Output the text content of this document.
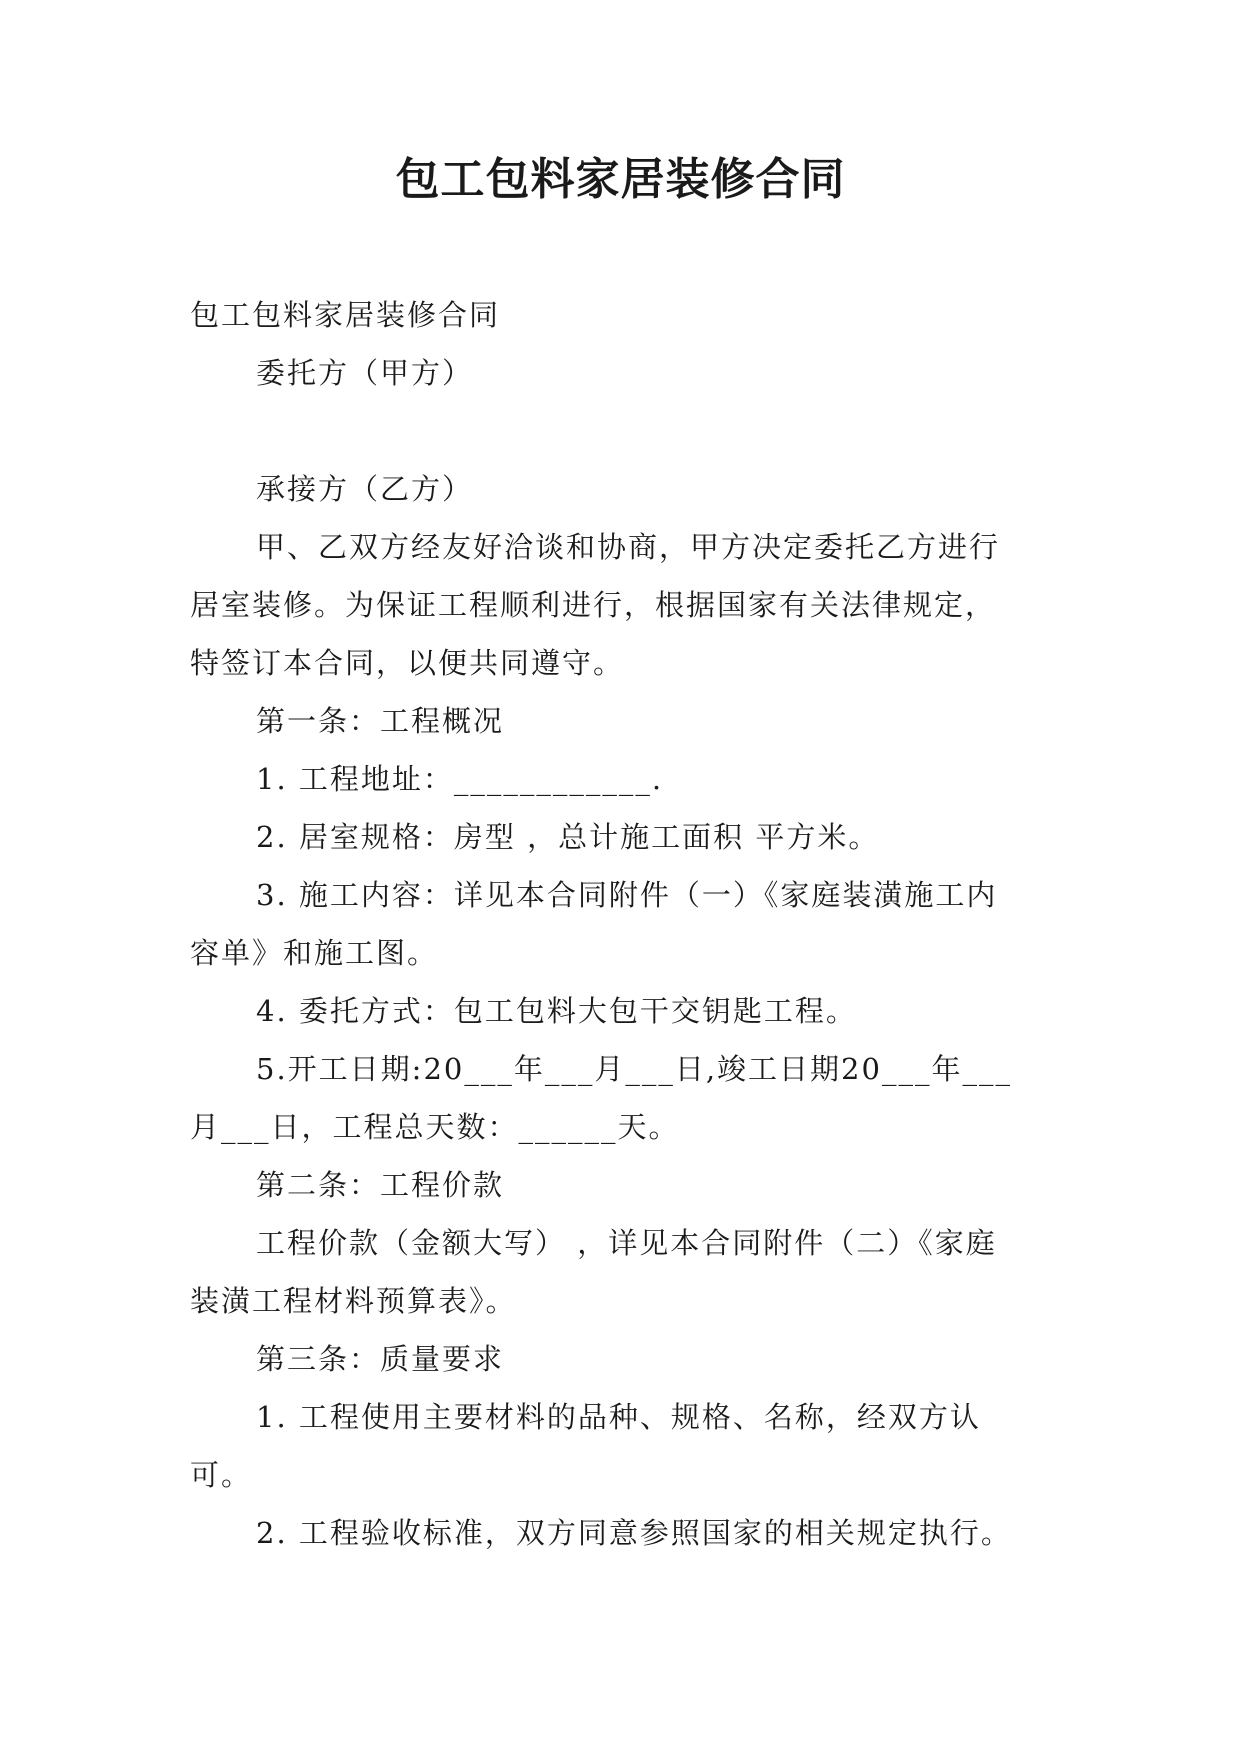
包工包料家居装修合同

包工包料家居装修合同

委托方（甲方）

承接方（乙方）

甲、乙双方经友好洽谈和协商，甲方决定委托乙方进行

居室装修。为保证工程顺利进行，根据国家有关法律规定，

特签订本合同，以便共同遵守。

第一条：工程概况

1. 工程地址：____________.

2. 居室规格：房型 ，总计施工面积 平方米。

3. 施工内容：详见本合同附件（一）《家庭装潢施工内

容单》和施工图。

4. 委托方式：包工包料大包干交钥匙工程。

5.开工日期:20___年___月___日,竣工日期20___年___

月___日，工程总天数：______天。

第二条：工程价款

工程价款（金额大写） ，详见本合同附件（二）《家庭

装潢工程材料预算表》。

第三条：质量要求

1. 工程使用主要材料的品种、规格、名称，经双方认

可。

2. 工程验收标准，双方同意参照国家的相关规定执行。
